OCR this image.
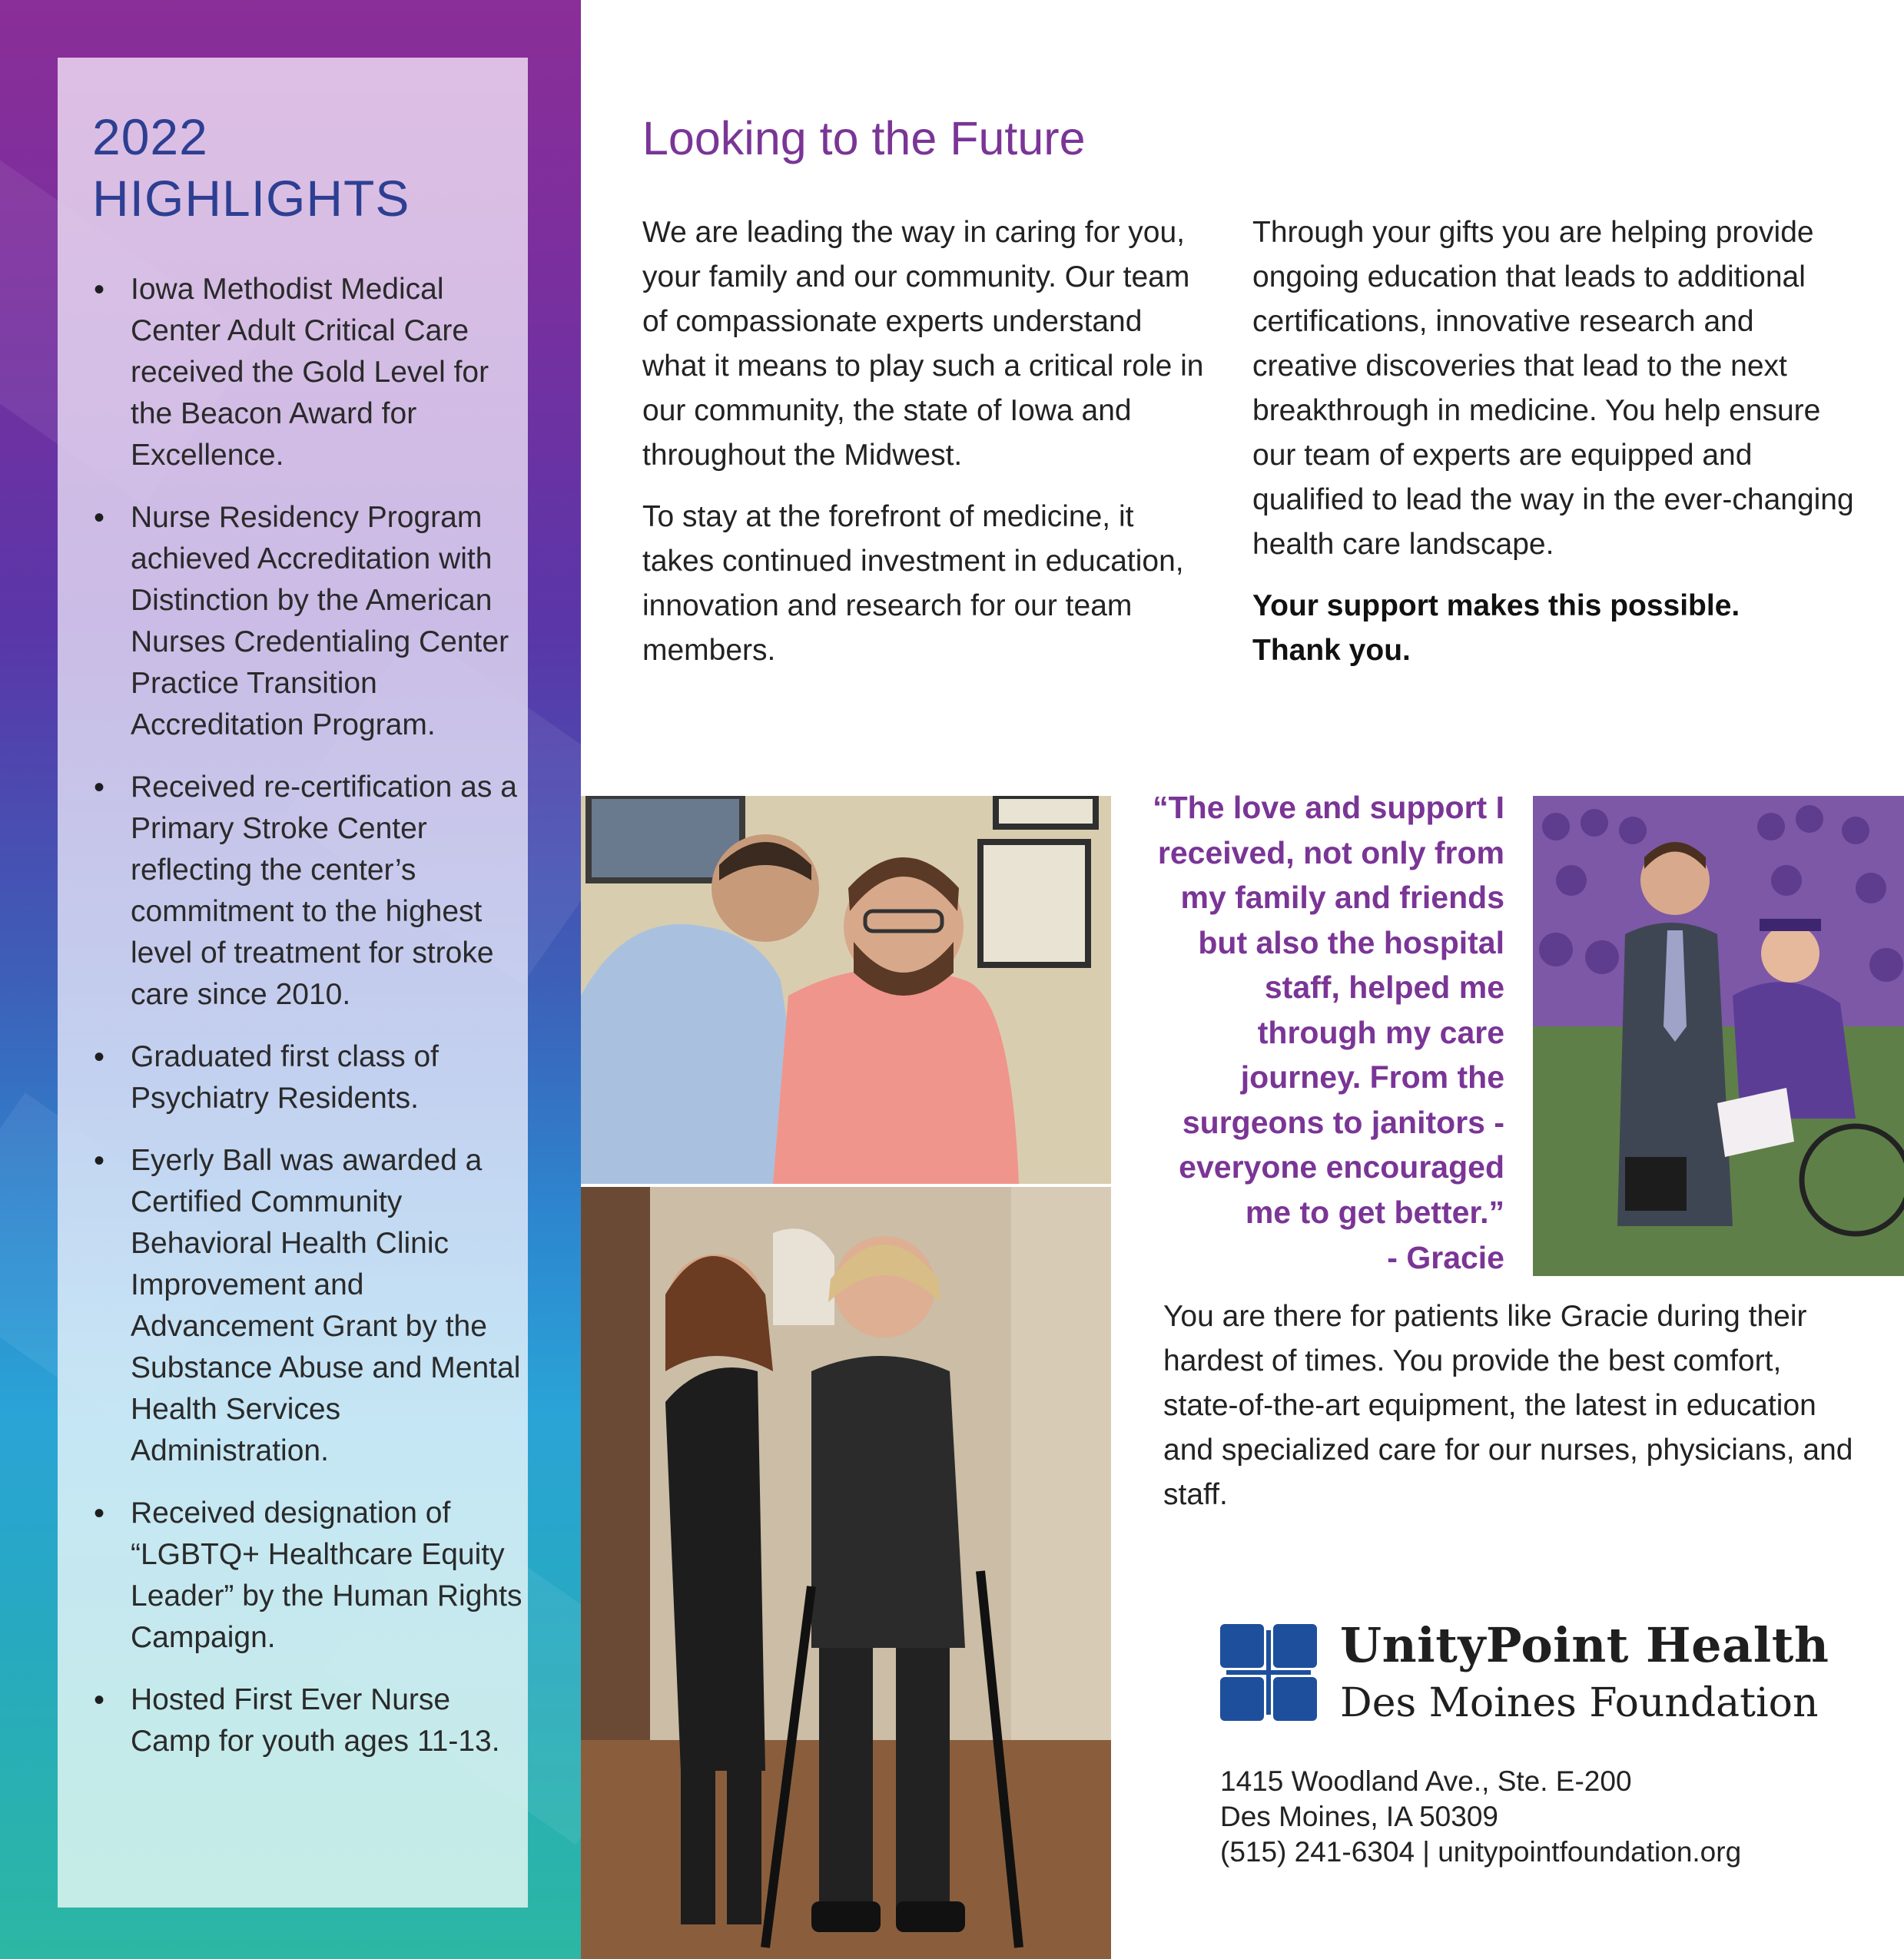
2022
HIGHLIGHTS
• Iowa Methodist Medical Center Adult Critical Care received the Gold Level for the Beacon Award for Excellence.
• Nurse Residency Program achieved Accreditation with Distinction by the American Nurses Credentialing Center Practice Transition Accreditation Program.
• Received re-certification as a Primary Stroke Center reflecting the center’s commitment to the highest level of treatment for stroke care since 2010.
• Graduated first class of Psychiatry Residents.
• Eyerly Ball was awarded a Certified Community Behavioral Health Clinic Improvement and Advancement Grant by the Substance Abuse and Mental Health Services Administration.
• Received designation of “LGBTQ+ Healthcare Equity Leader” by the Human Rights Campaign.
• Hosted First Ever Nurse Camp for youth ages 11-13.
Looking to the Future

We are leading the way in caring for you, your family and our community. Our team of compassionate experts understand what it means to play such a critical role in our community, the state of Iowa and throughout the Midwest.

To stay at the forefront of medicine, it takes continued investment in education, innovation and research for our team members.

Through your gifts you are helping provide ongoing education that leads to additional certifications, innovative research and creative discoveries that lead to the next breakthrough in medicine. You help ensure our team of experts are equipped and qualified to lead the way in the ever-changing health care landscape.

Your support makes this possible.
Thank you.

“The love and support I received, not only from my family and friends but also the hospital staff, helped me through my care journey. From the surgeons to janitors - everyone encouraged me to get better.”

- Gracie

You are there for patients like Gracie during their hardest of times. You provide the best comfort, state-of-the-art equipment, the latest in education and specialized care for our nurses, physicians, and staff.

UnityPoint Health
Des Moines Foundation
1415 Woodland Ave., Ste. E-200
Des Moines, IA 50309
(515) 241-6304 | unitypointfoundation.org
